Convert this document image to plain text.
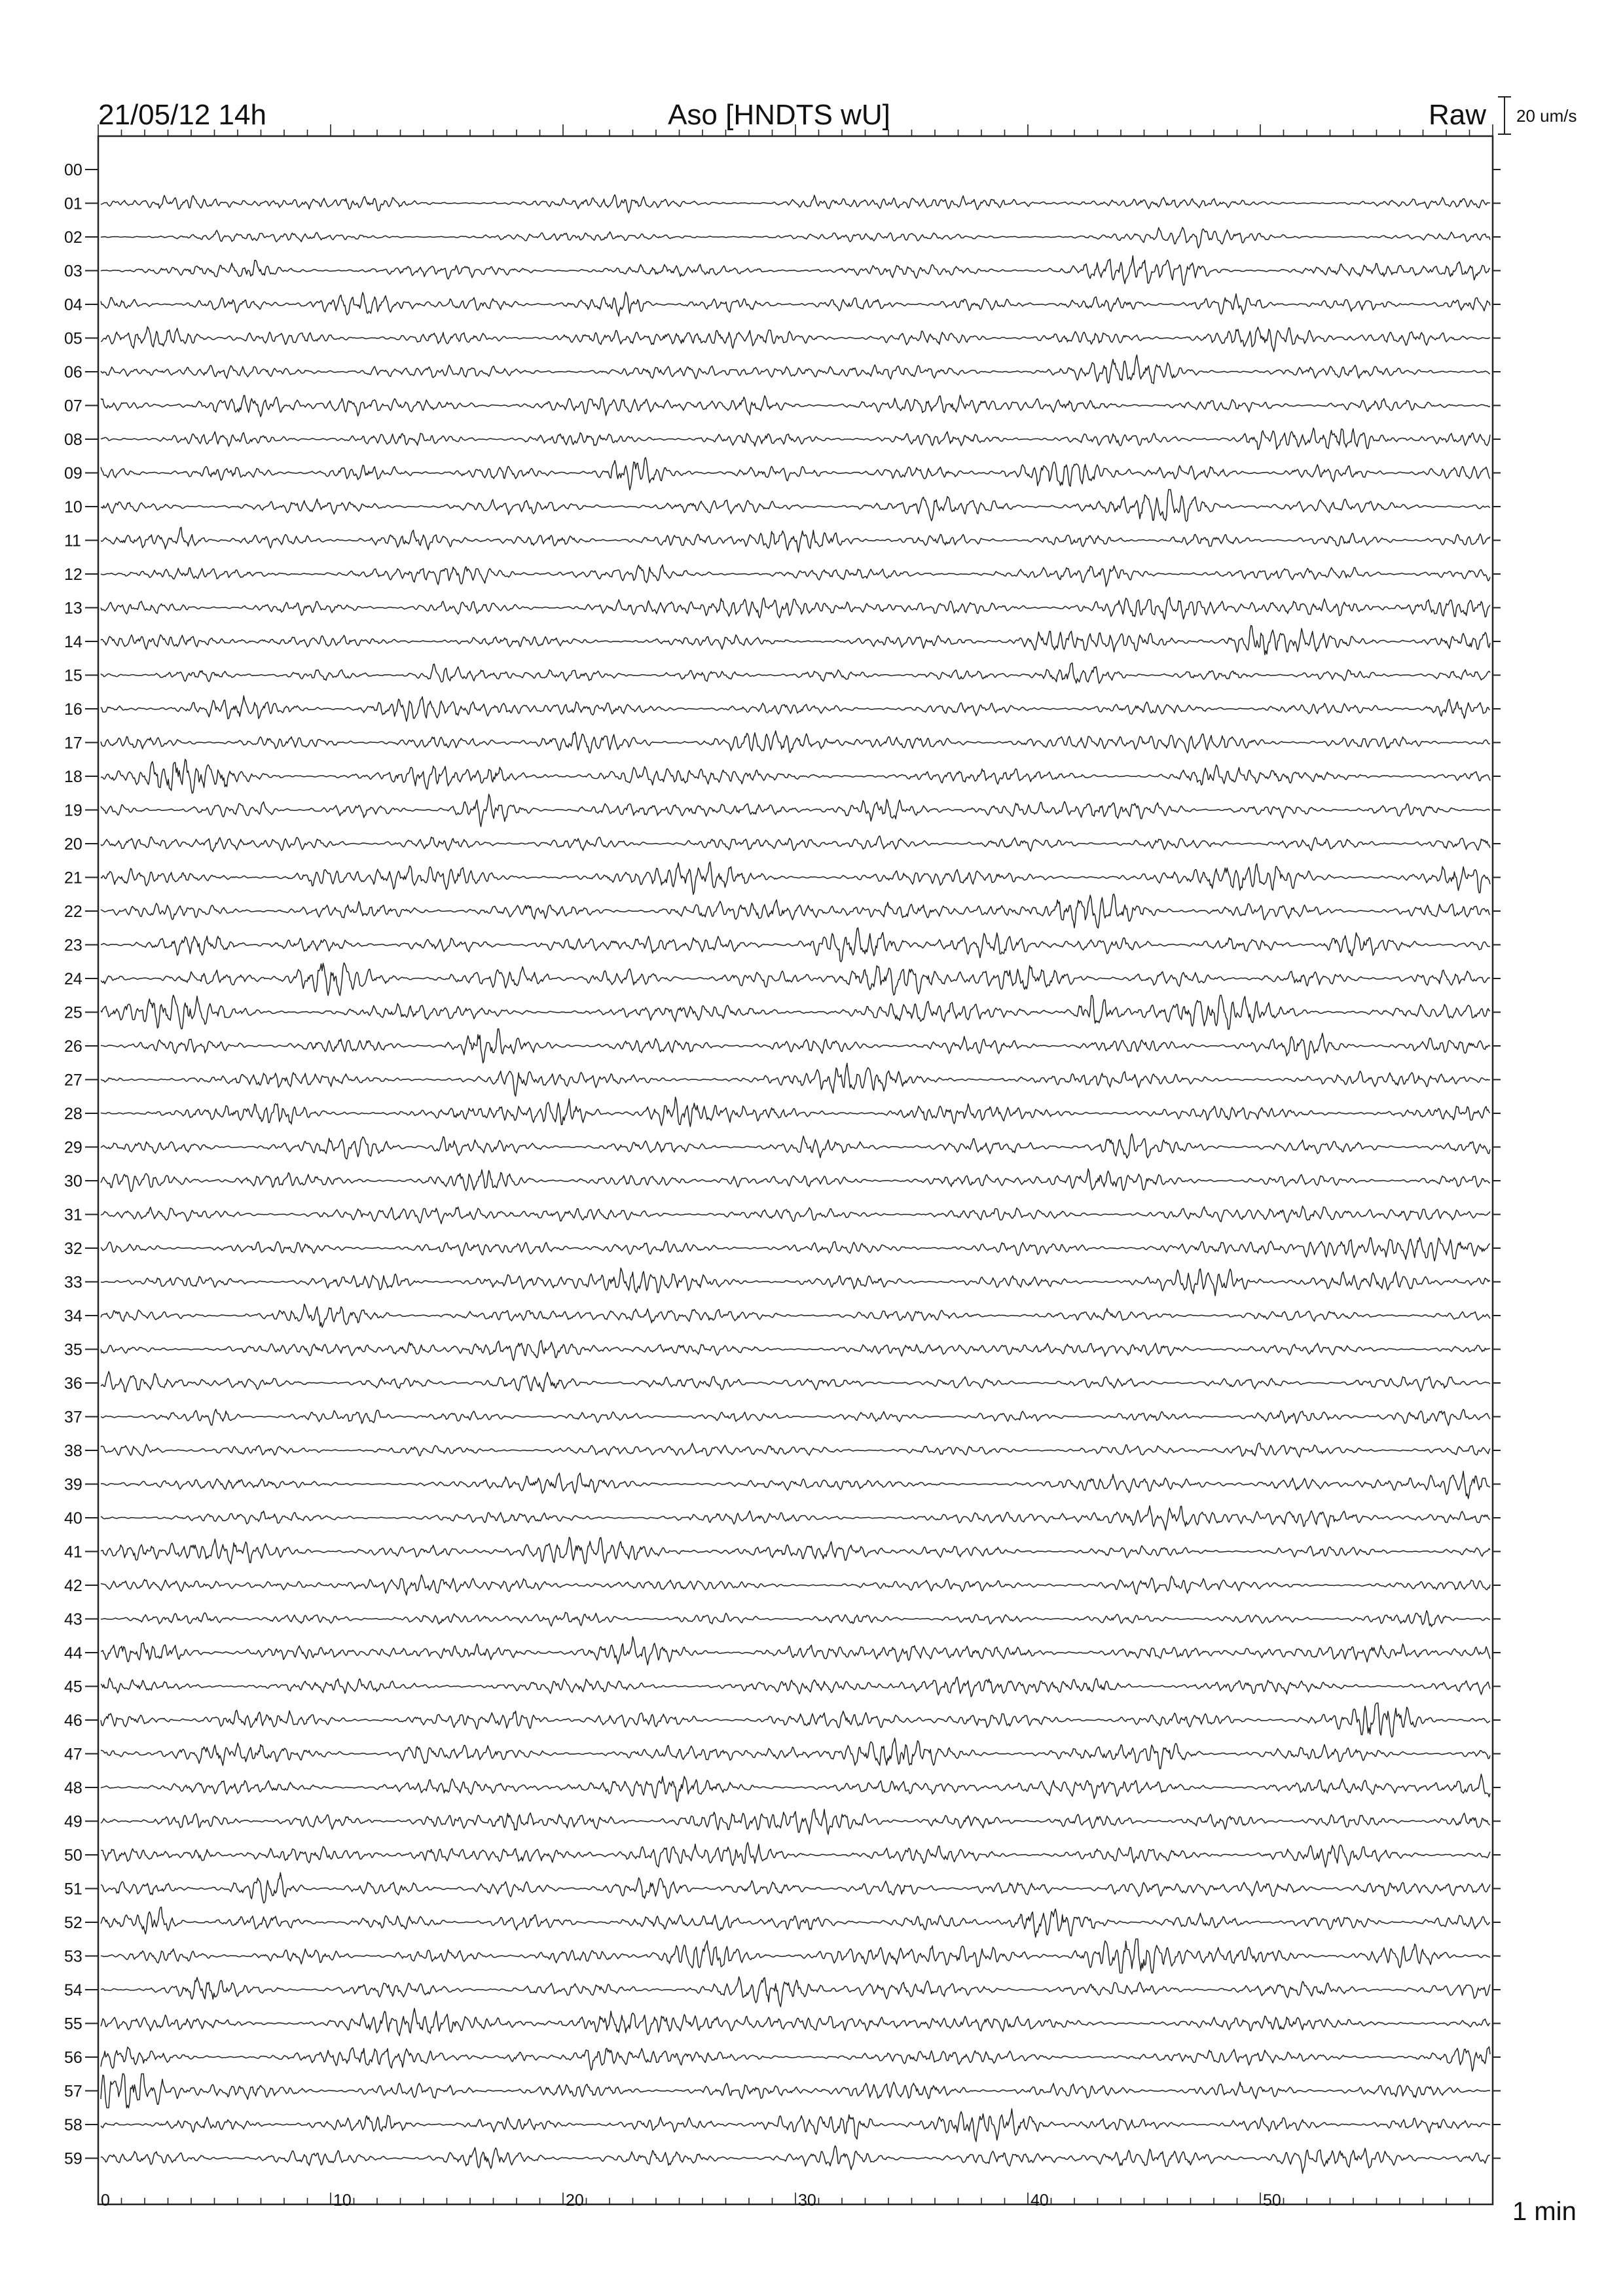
21/05/12 14h	Aso [HNDTS wU]	Raw 20 um/s
00
01
02
03
04
05
06
07
08
09
10
11
12
13
14
15
16
17
18
19
20
21
22
23
24
25
26
27
28
29
30
31
32
33
34
35
36
37
38
39
40
41
42
43
44
45
46
47
48
49
50
51
52
53
54
55
56
57
58
59
0	10	20	30	40	50	1 min
